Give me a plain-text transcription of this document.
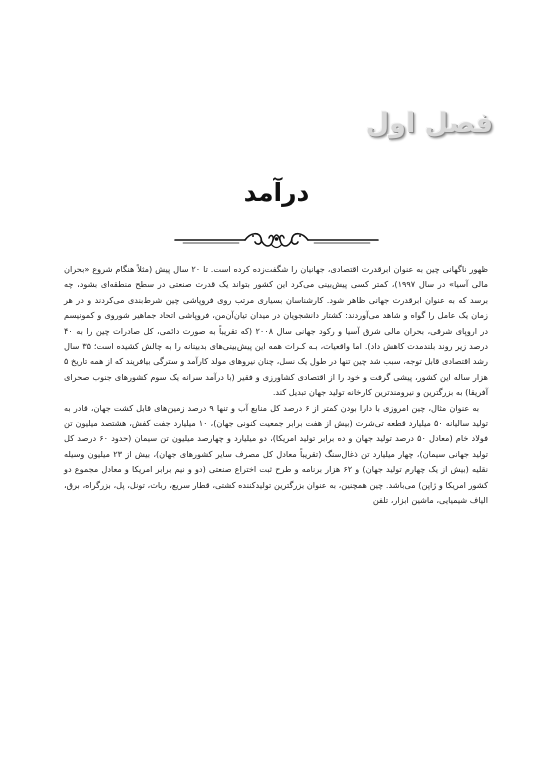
فصل اول
درآمد

ظهور ناگهانی چین به عنوان ابرقدرت اقتصادی، جهانیان را شگفت‌زده کرده است. تا ۲۰ سال پیش (مثلاً هنگام شروع «بحران مالی آسیا» در سال ۱۹۹۷)، کمتر کسی پیش‌بینی می‌کرد این کشور بتواند یک قدرت صنعتی در سطح منطقه‌ای بشود، چه برسد که به عنوان ابرقدرت جهانی ظاهر شود. کارشناسان بسیاری مرتب روی فروپاشی چین شرط‌بندی می‌کردند و در هر زمان یک عامل را گواه و شاهد می‌آوردند: کشتار دانشجویان در میدان تیان‌آن‌من، فروپاشی اتحاد جماهیر شوروی و کمونیسم در اروپای شرقی، بحران مالی شرق آسیا و رکود جهانی سال ۲۰۰۸ (که تقریباً به صورت دائمی، کل صادرات چین را به ۴۰ درصد زیر روند بلندمدت کاهش داد). اما واقعیات، بـه کـرات همه این پیش‌بینی‌های بدبینانه را به چالش کشیده است؛ ۳۵ سال رشد اقتصادی قابل توجه، سبب شد چین تنها در طول یک نسل، چنان نیروهای مولد کارآمد و سترگی بیافریند که از همه تاریخ ۵ هزار ساله این کشور، پیشی گرفت و خود را از اقتصادی کشاورزی و فقیر (با درآمد سرانه یک سوم کشورهای جنوب صحرای آفریقا) به بزرگترین و نیرومندترین کارخانه تولید جهان تبدیل کند.

به عنوان مثال، چین امروزی با دارا بودن کمتر از ۶ درصد کل منابع آب و تنها ۹ درصد زمین‌های قابل کشت جهان، قادر به تولید سالیانه ۵۰ میلیارد قطعه تی‌شرت (بیش از هفت برابر جمعیت کنونی جهان)، ۱۰ میلیارد جفت کفش، هشتصد میلیون تن فولاد خام (معادل ۵۰ درصد تولید جهان و ده برابر تولید امریکا)، دو میلیارد و چهارصد میلیون تن سیمان (حدود ۶۰ درصد کل تولید جهانی سیمان)، چهار میلیارد تن ذغال‌سنگ (تقریباً معادل کل مصرف سایر کشورهای جهان)، بیش از ۲۳ میلیون وسیله نقلیه (بیش از یک چهارم تولید جهان) و ۶۲ هزار برنامه و طرح ثبت اختراع صنعتی (دو و نیم برابر امریکا و معادل مجموع دو کشور امریکا و ژاپن) می‌باشد. چین همچنین، به عنوان بزرگترین تولیدکننده کشتی، قطار سریع، ربات، تونل، پل، بزرگراه، برق، الیاف شیمیایی، ماشین ابزار، تلفن
